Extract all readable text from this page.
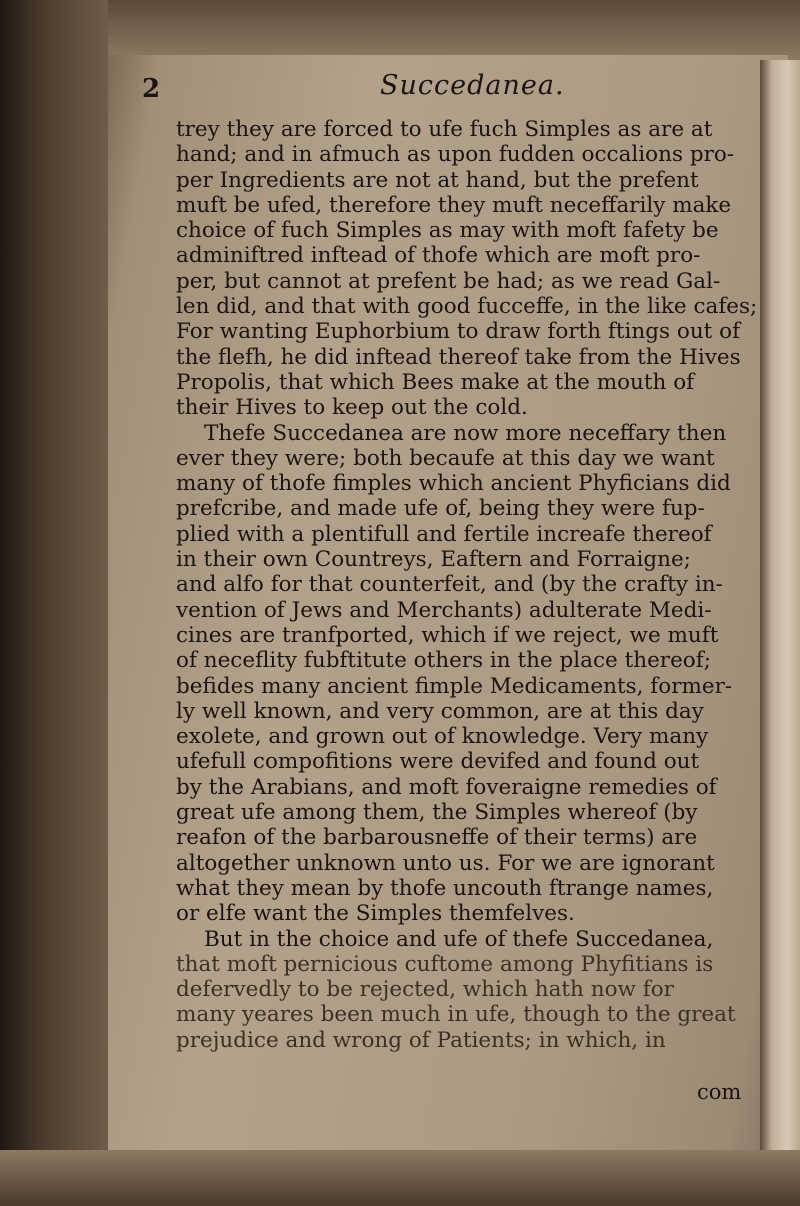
2	Succedanea.
trey they are forced to ufe fuch Simples as are at
hand; and in afmuch as upon fudden occalions pro-
per Ingredients are not at hand, but the prefent
muft be ufed, therefore they muft neceffarily make
choice of fuch Simples as may with moft fafety be
adminiftred inftead of thofe which are moft pro-
per, but cannot at prefent be had; as we read Gal-
len did, and that with good fucceffe, in the like cafes;
For wanting Euphorbium to draw forth ftings out of
the flefh, he did inftead thereof take from the Hives
Propolis, that which Bees make at the mouth of
their Hives to keep out the cold.
Thefe Succedanea are now more neceffary then
ever they were; both becaufe at this day we want
many of thofe fimples which ancient Phyficians did
prefcribe, and made ufe of, being they were fup-
plied with a plentifull and fertile increafe thereof
in their own Countreys, Eaftern and Forraigne;
and alfo for that counterfeit, and (by the crafty in-
vention of Jews and Merchants) adulterate Medi-
cines are tranfported, which if we reject, we muft
of neceflity fubftitute others in the place thereof;
befides many ancient fimple Medicaments, former-
ly well known, and very common, are at this day
exolete, and grown out of knowledge. Very many
ufefull compofitions were devifed and found out
by the Arabians, and moft foveraigne remedies of
great ufe among them, the Simples whereof (by
reafon of the barbarousneffe of their terms) are
altogether unknown unto us. For we are ignorant
what they mean by thofe uncouth ftrange names,
or elfe want the Simples themfelves.
But in the choice and ufe of thefe Succedanea,
that moft pernicious cuftome among Phyfitians is
defervedly to be rejected, which hath now for
many yeares been much in ufe, though to the great
prejudice and wrong of Patients; in which, in
com
